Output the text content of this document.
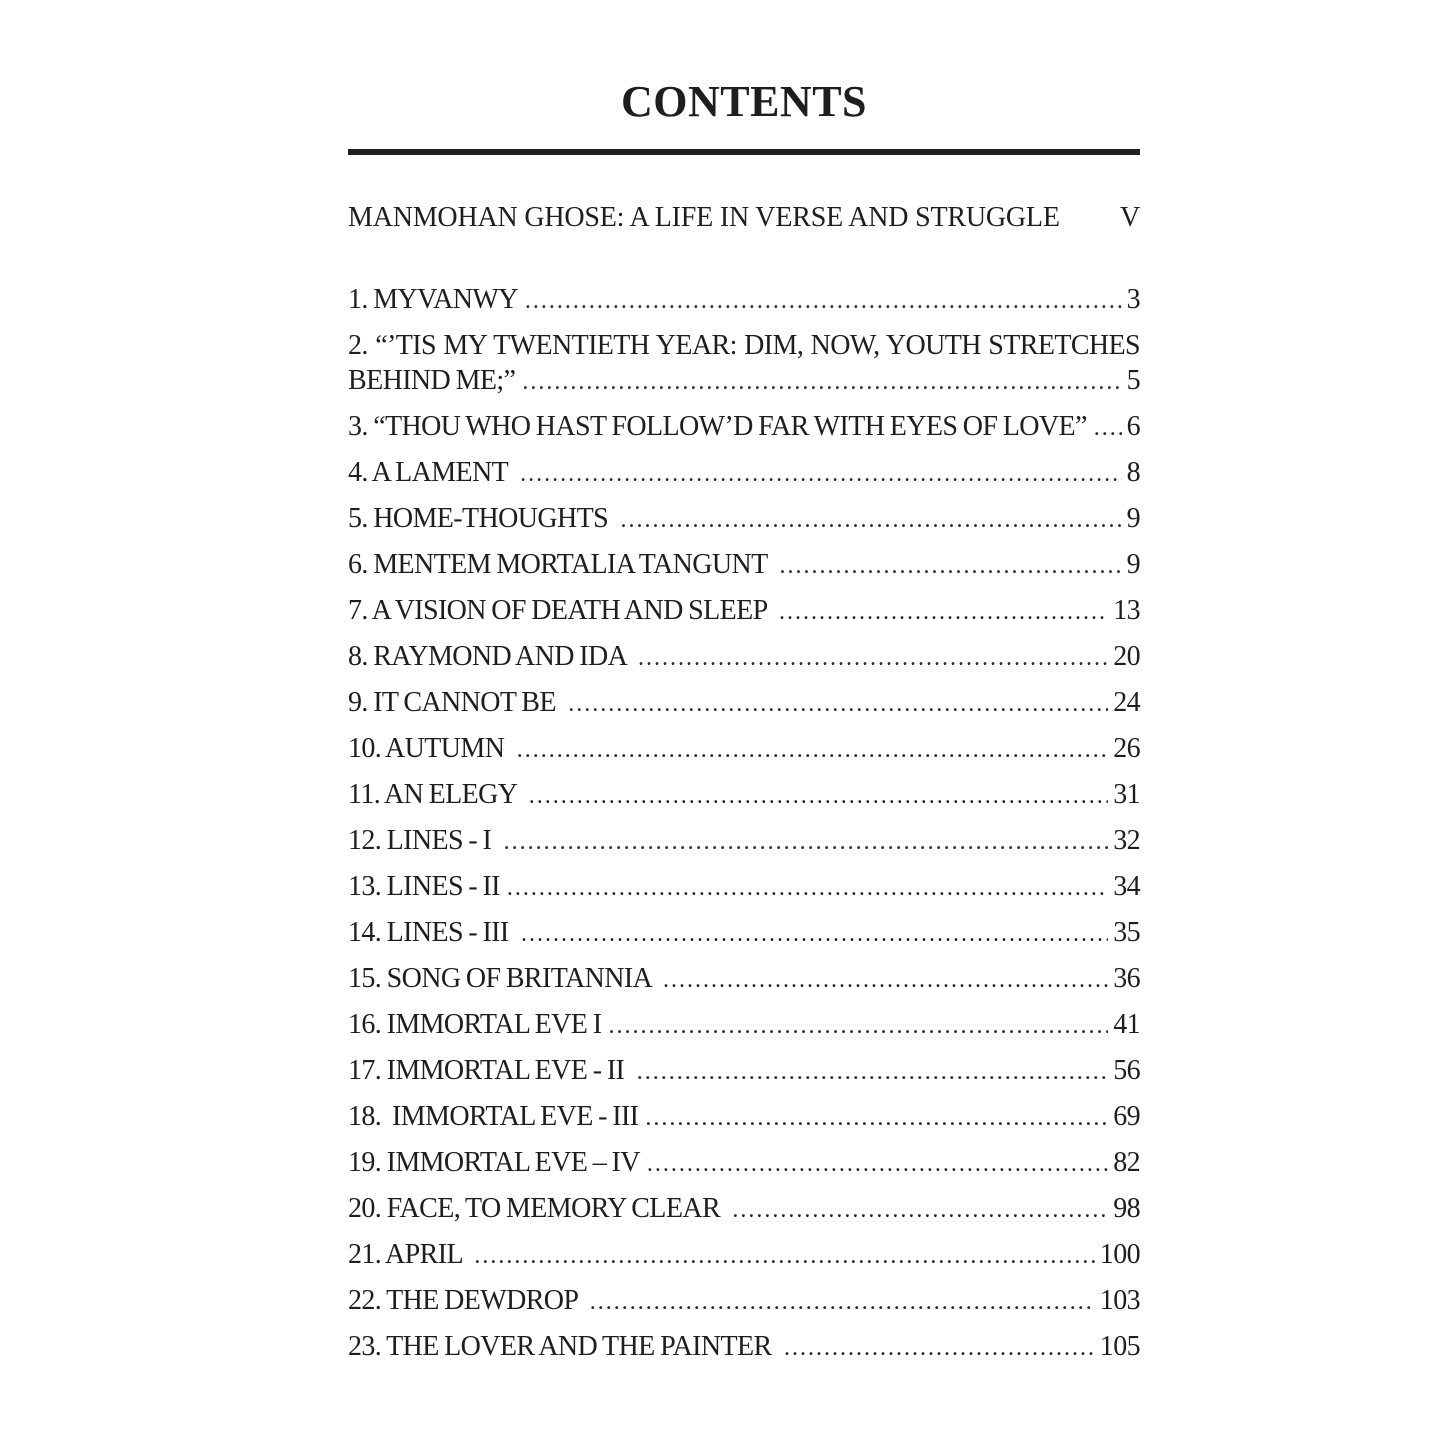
CONTENTS
MANMOHAN GHOSE: A LIFE IN VERSE AND STRUGGLE V
1. MYVANWY .....	3
2. “’TIS MY TWENTIETH YEAR: DIM, NOW, YOUTH STRETCHES
BEHIND ME;” .....	5
3. “THOU WHO HAST FOLLOW’D FAR WITH EYES OF LOVE” ..... 6
4. A LAMENT .....	8
5. HOME-THOUGHTS .....	9
6. MENTEM MORTALIA TANGUNT .....	9
7. A VISION OF DEATH AND SLEEP .....	13
8. RAYMOND AND IDA .....	20
9. IT CANNOT BE .....	24
10. AUTUMN .....	26
11. AN ELEGY .....	31
12. LINES - I .....	32
13. LINES - II .....	34
14. LINES - III .....	35
15. SONG OF BRITANNIA .....	36
16. IMMORTAL EVE I .....	41
17. IMMORTAL EVE - II .....	56
18.  IMMORTAL EVE - III .....	69
19. IMMORTAL EVE – IV .....	82
20. FACE, TO MEMORY CLEAR .....	98
21. APRIL .....	100
22. THE DEWDROP .....	103
23. THE LOVER AND THE PAINTER .....	105
